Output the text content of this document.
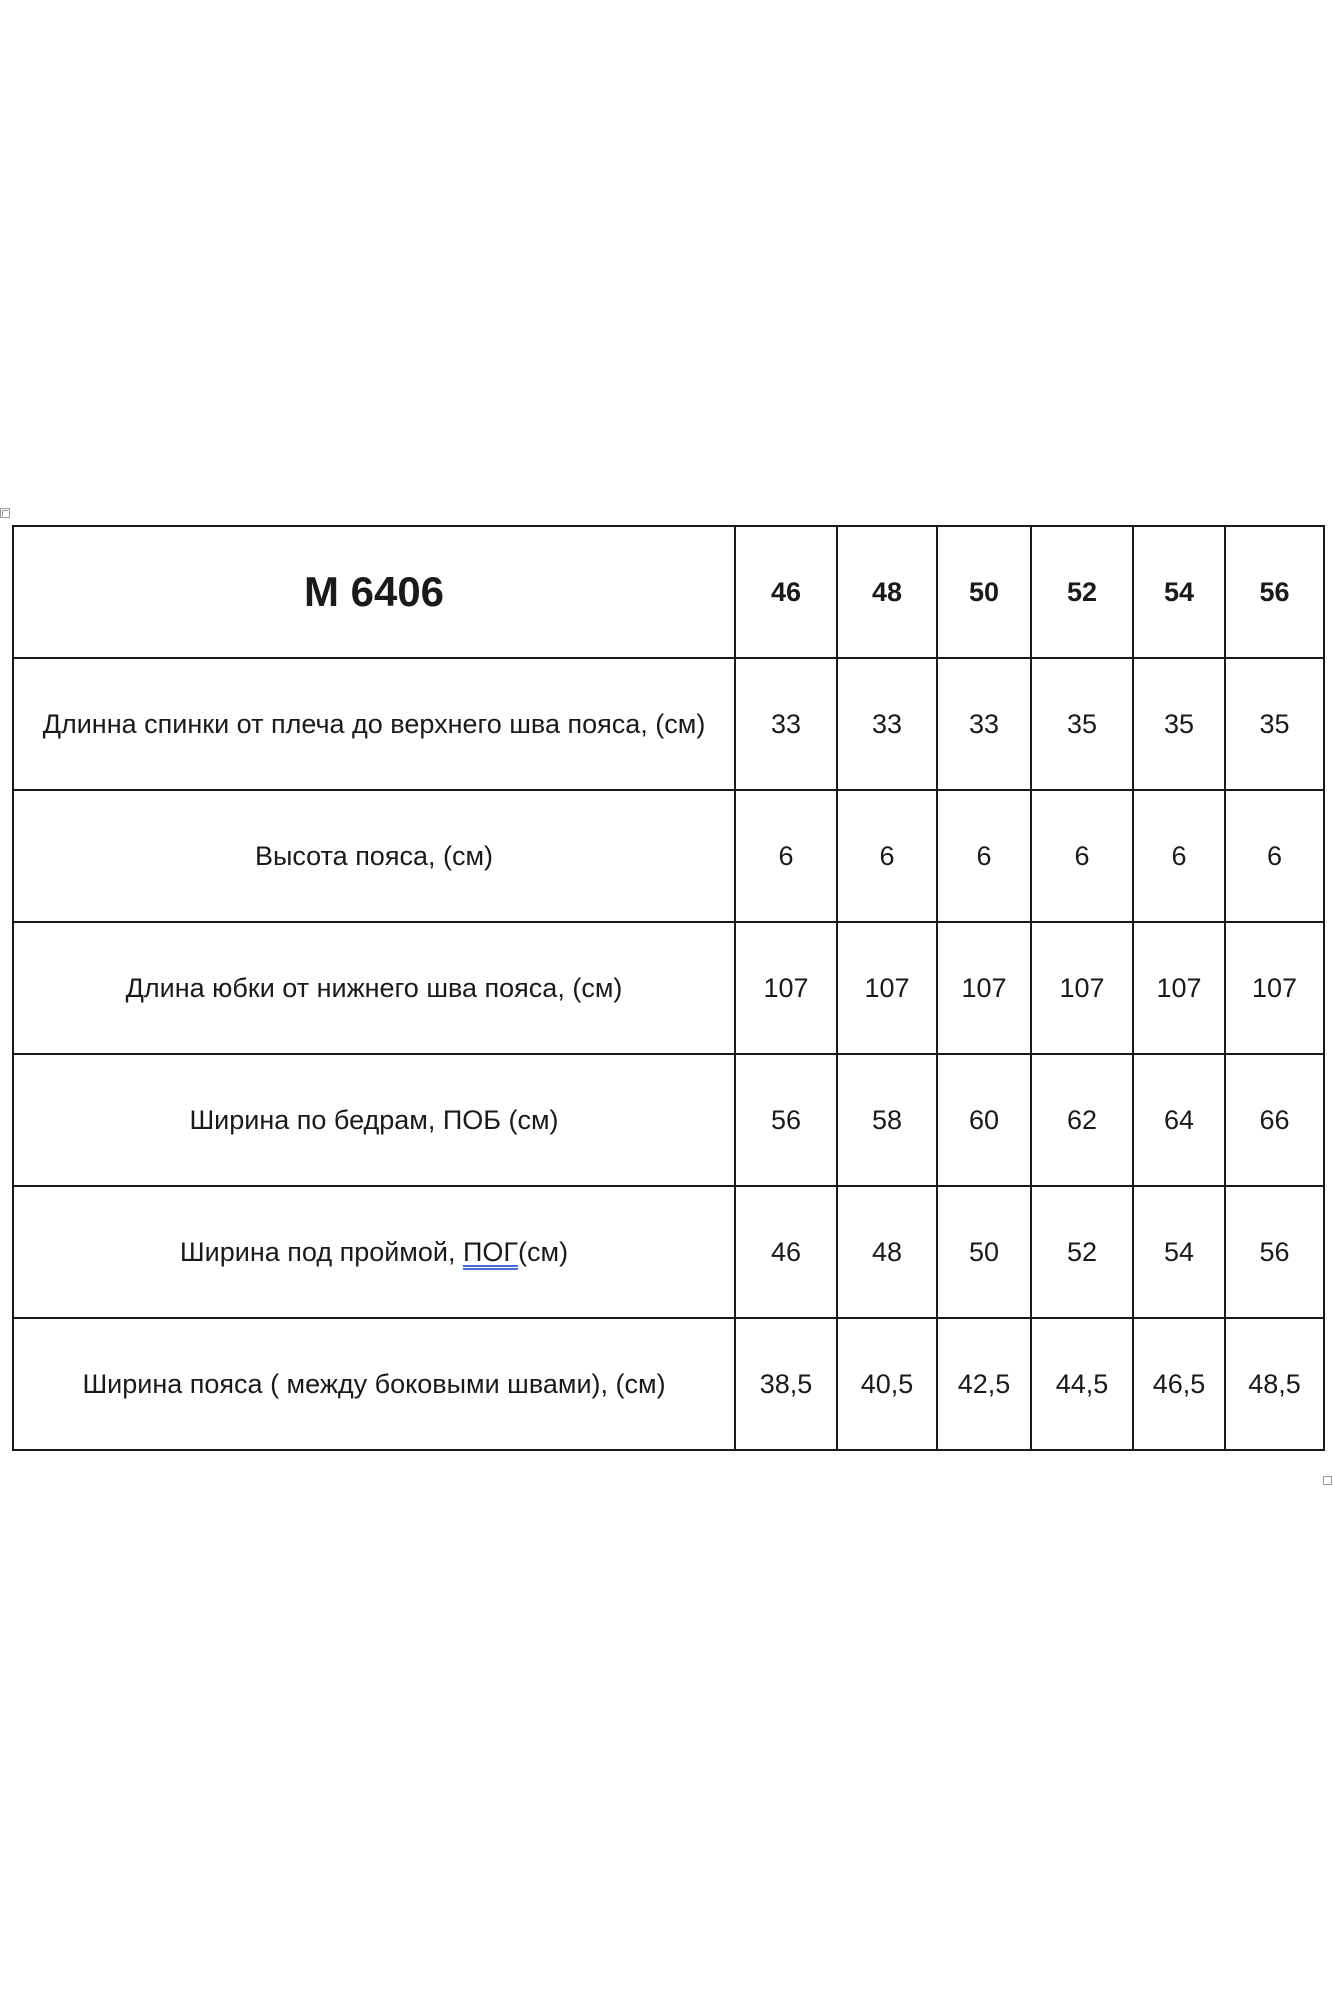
М 6406	46	48	50	52	54	56
Длинна спинки от плеча до верхнего шва пояса, (см)	33	33	33	35	35	35
Высота пояса, (см)	6	6	6	6	6	6
Длина юбки от нижнего шва пояса, (см)	107	107	107	107	107	107
Ширина по бедрам, ПОБ (см)	56	58	60	62	64	66
Ширина под проймой, ПОГ(см)	46	48	50	52	54	56
Ширина пояса ( между боковыми швами), (см)	38,5	40,5	42,5	44,5	46,5	48,5
